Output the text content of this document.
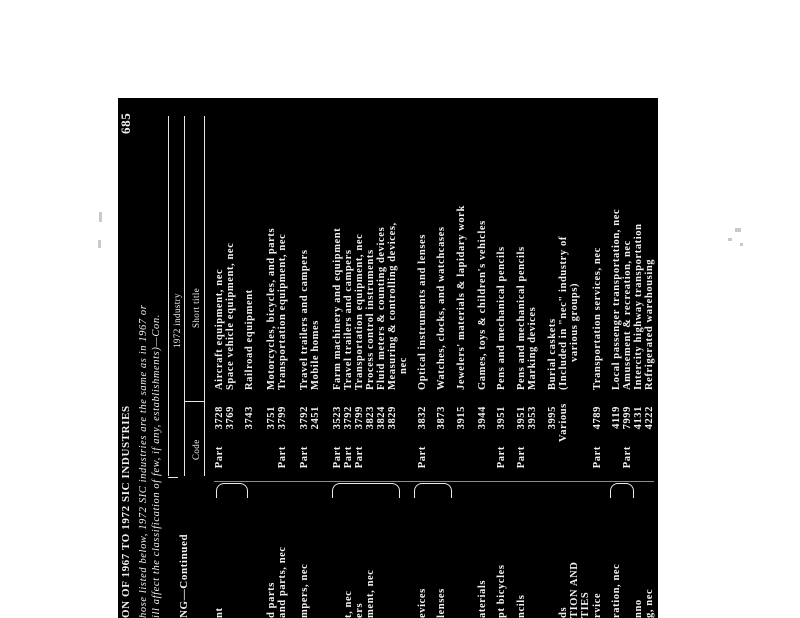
ON OF 1967 TO 1972 SIC INDUSTRIES
685
hose listed below, 1972 SIC industries are the same as in 1967 or ill affect the classification of few, if any, establishments)—Con. NG—Continued
1972 industry
Code
Short title
nt
Part
3728
Aircraft equipment, nec
3769
Space vehicle equipment, nec
3743
Railroad equipment
d parts
3751
Motorcycles, bicycles, and parts
and parts, nec
Part
3799
Transportation equipment, nec
mpers, nec
Part
3792
Travel trailers and campers
2451
Mobile homes
Part
3523
Farm machinery and equipment
t, nec
Part
3792
Travel trailers and campers
ers
Part
3799
Transportation equipment, nec
ment, nec
3823
Process control instruments
3824
Fluid meters & counting devices
3829
Measuring & controlling devices, nec
evices
Part
3832
Optical instruments and lenses
lenses
3873
Watches, clocks, and watchcases
3915
Jewelers' materials & lapidary work
aterials
3944
Games, toys & children's vehicles
pt bicycles
Part
3951
Pens and mechanical pencils
ncils
Part
3951
Pens and mechanical pencils
3953
Marking devices
3995
Burial caskets
ds
Various
(Included in "nec" industry of various groups)
rvice
Part
4789
Transportation services, nec
ration, nec
4119
Local passenger transportation, nec
Part
7999
Amusement & recreation, nec
nno
4131
Intercity highway transportation
g, nec
4222
Refrigerated warehousing
TION AND TIES
